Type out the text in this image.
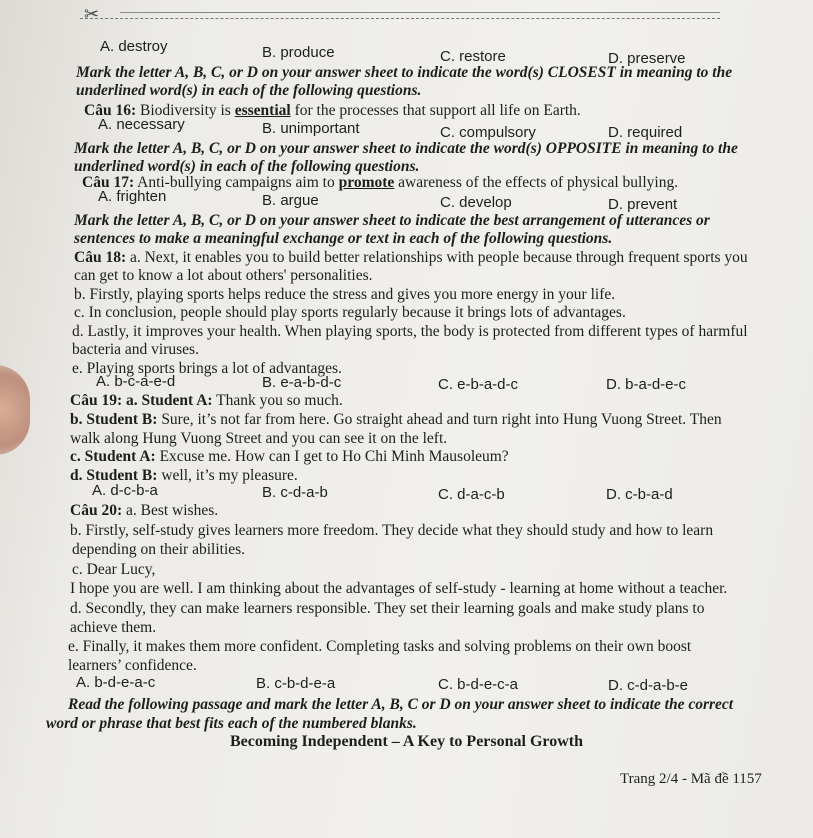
✂
A. destroy	B. produce	C. restore	D. preserve
Mark the letter A, B, C, or D on your answer sheet to indicate the word(s) CLOSEST in meaning to the
underlined word(s) in each of the following questions.
Câu 16: Biodiversity is essential for the processes that support all life on Earth.
A. necessary	B. unimportant	C. compulsory	D. required
Mark the letter A, B, C, or D on your answer sheet to indicate the word(s) OPPOSITE in meaning to the
underlined word(s) in each of the following questions.
Câu 17: Anti-bullying campaigns aim to promote awareness of the effects of physical bullying.
A. frighten	B. argue	C. develop	D. prevent
Mark the letter A, B, C, or D on your answer sheet to indicate the best arrangement of utterances or
sentences to make a meaningful exchange or text in each of the following questions.
Câu 18: a. Next, it enables you to build better relationships with people because through frequent sports you
can get to know a lot about others' personalities.
b. Firstly, playing sports helps reduce the stress and gives you more energy in your life.
c. In conclusion, people should play sports regularly because it brings lots of advantages.
d. Lastly, it improves your health. When playing sports, the body is protected from different types of harmful
bacteria and viruses.
e. Playing sports brings a lot of advantages.
A. b-c-a-e-d	B. e-a-b-d-c	C. e-b-a-d-c	D. b-a-d-e-c
Câu 19: a. Student A: Thank you so much.
b. Student B: Sure, it’s not far from here. Go straight ahead and turn right into Hung Vuong Street. Then
walk along Hung Vuong Street and you can see it on the left.
c. Student A: Excuse me. How can I get to Ho Chi Minh Mausoleum?
d. Student B: well, it’s my pleasure.
A. d-c-b-a	B. c-d-a-b	C. d-a-c-b	D. c-b-a-d
Câu 20: a. Best wishes.
b. Firstly, self-study gives learners more freedom. They decide what they should study and how to learn
depending on their abilities.
c. Dear Lucy,
I hope you are well. I am thinking about the advantages of self-study - learning at home without a teacher.
d. Secondly, they can make learners responsible. They set their learning goals and make study plans to
achieve them.
e. Finally, it makes them more confident. Completing tasks and solving problems on their own boost
learners’ confidence.
A. b-d-e-a-c	B. c-b-d-e-a	C. b-d-e-c-a	D. c-d-a-b-e
Read the following passage and mark the letter A, B, C or D on your answer sheet to indicate the correct
word or phrase that best fits each of the numbered blanks.
Becoming Independent – A Key to Personal Growth
Trang 2/4 - Mã đề 1157
